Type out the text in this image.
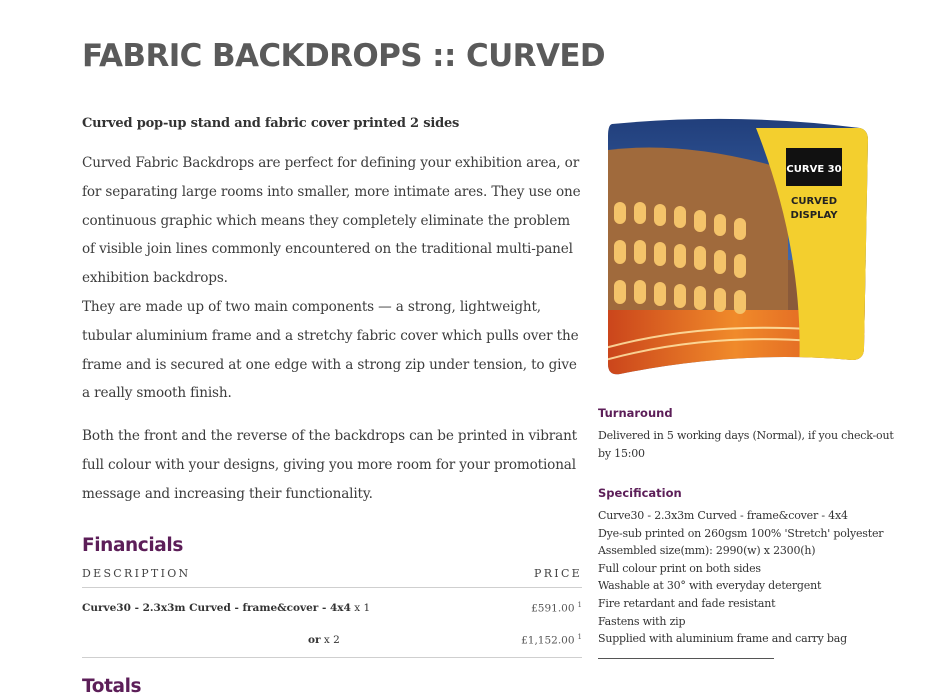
FABRIC BACKDROPS :: CURVED
Curved pop-up stand and fabric cover printed 2 sides

Curved Fabric Backdrops are perfect for defining your exhibition area, or for separating large rooms into smaller, more intimate ares. They use one continuous graphic which means they completely eliminate the problem of visible join lines commonly encountered on the traditional multi-panel exhibition backdrops.

They are made up of two main components — a strong, lightweight, tubular aluminium frame and a stretchy fabric cover which pulls over the frame and is secured at one edge with a strong zip under tension, to give a really smooth finish.

Both the front and the reverse of the backdrops can be printed in vibrant full colour with your designs, giving you more room for your promotional message and increasing their functionality.

Financials
DESCRIPTION	PRICE
Curve30 - 2.3x3m Curved - frame&cover - 4x4 x 1	£591.00 $^1$
or x 2	£1,152.00 $^1$
Totals
CURVE 30
CURVED
DISPLAY
Turnaround

Delivered in 5 working days (Normal), if you check-out by 15:00

Specification
Curve30 - 2.3x3m Curved - frame&cover - 4x4
Dye-sub printed on 260gsm 100% 'Stretch' polyester
Assembled size(mm): 2990(w) x 2300(h)
Full colour print on both sides
Washable at 30° with everyday detergent
Fire retardant and fade resistant
Fastens with zip
Supplied with aluminium frame and carry bag
